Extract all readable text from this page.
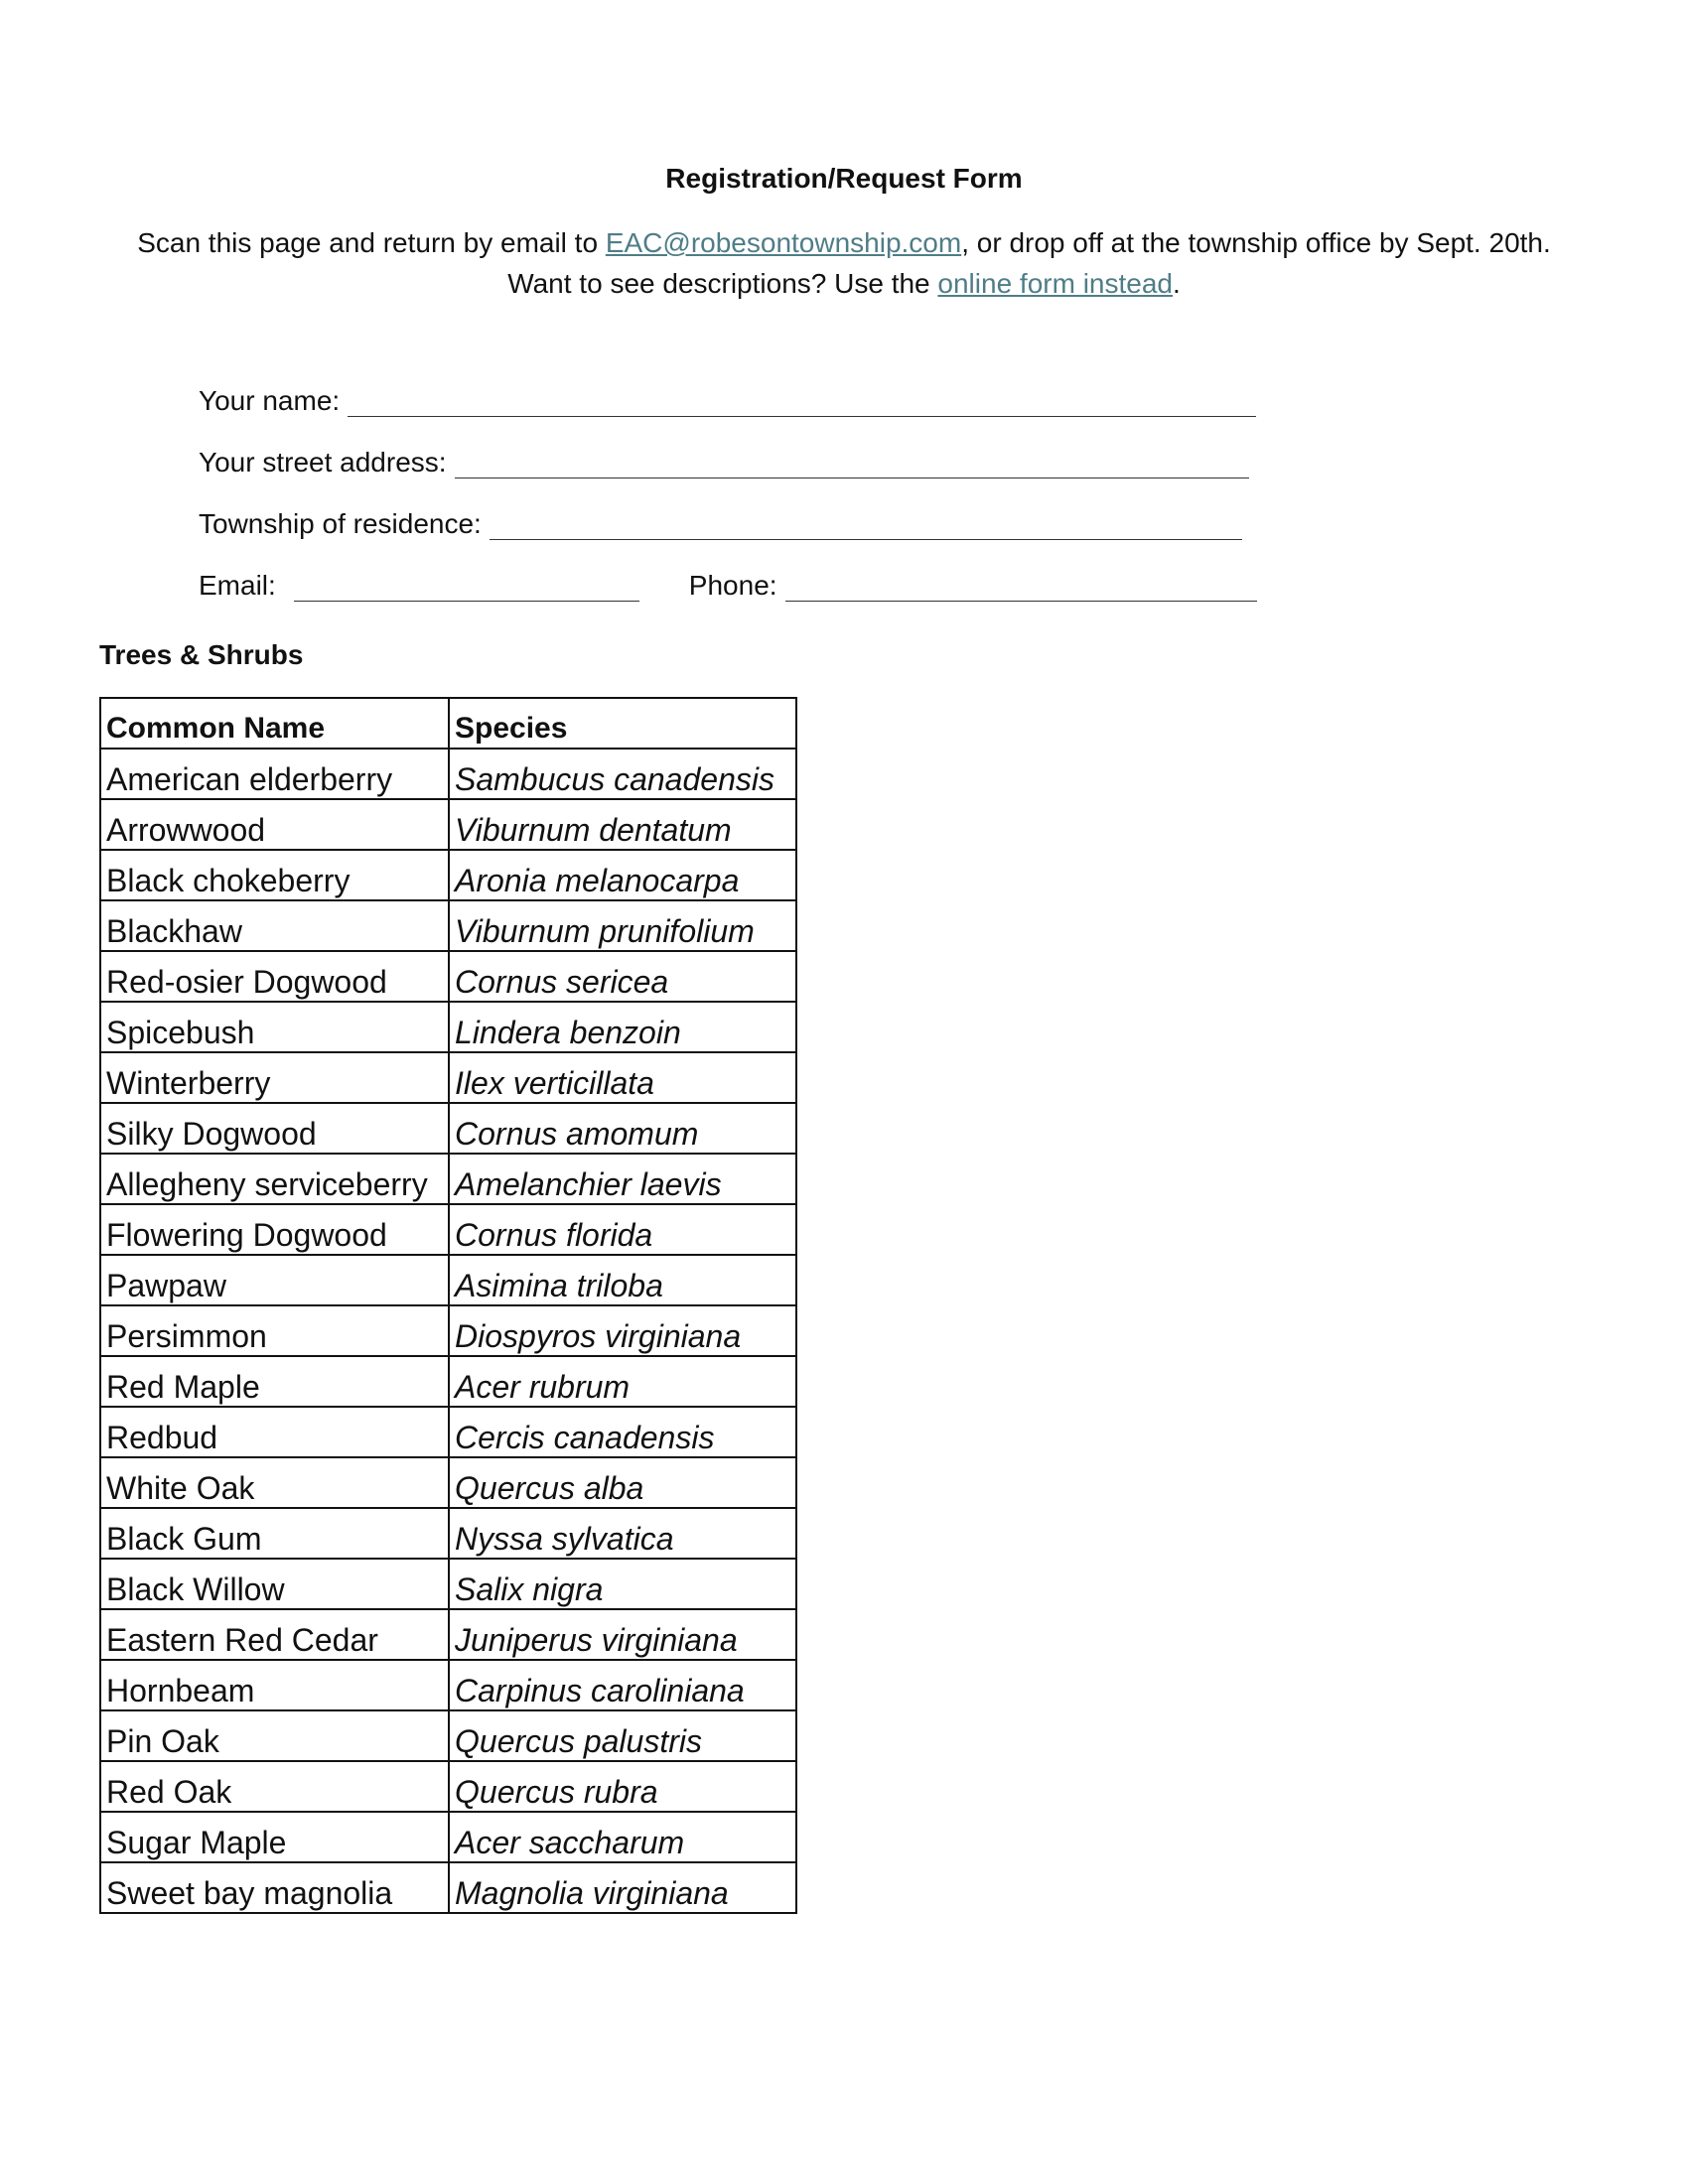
Registration/Request Form
Scan this page and return by email to EAC@robesontownship.com, or drop off at the township office by Sept. 20th.
Want to see descriptions? Use the online form instead.
Your name:
Your street address:
Township of residence:
Email:	Phone:
Trees & Shrubs
Common Name	Species
American elderberry	Sambucus canadensis
Arrowwood	Viburnum dentatum
Black chokeberry	Aronia melanocarpa
Blackhaw	Viburnum prunifolium
Red-osier Dogwood	Cornus sericea
Spicebush	Lindera benzoin
Winterberry	Ilex verticillata
Silky Dogwood	Cornus amomum
Allegheny serviceberry	Amelanchier laevis
Flowering Dogwood	Cornus florida
Pawpaw	Asimina triloba
Persimmon	Diospyros virginiana
Red Maple	Acer rubrum
Redbud	Cercis canadensis
White Oak	Quercus alba
Black Gum	Nyssa sylvatica
Black Willow	Salix nigra
Eastern Red Cedar	Juniperus virginiana
Hornbeam	Carpinus caroliniana
Pin Oak	Quercus palustris
Red Oak	Quercus rubra
Sugar Maple	Acer saccharum
Sweet bay magnolia	Magnolia virginiana
